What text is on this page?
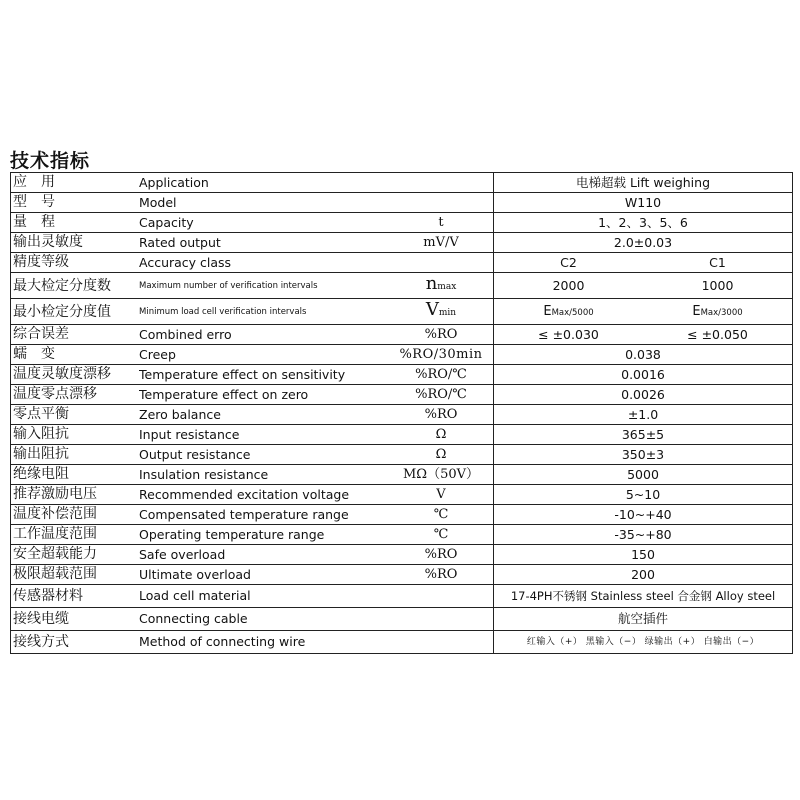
技术指标
应　用	Application		电梯超载 Lift weighing	
型　号	Model		W110	
量　程	Capacity	t	1、2、3、5、6	
输出灵敏度	Rated output	mV/V	2.0±0.03	
精度等级	Accuracy class		C2	C1
最大检定分度数	Maximum number of verification intervals	nmax	2000	1000
最小检定分度值	Minimum load cell verification intervals	Vmin	EMax/5000	EMax/3000
综合误差	Combined erro	%RO	≤ ±0.030	≤ ±0.050
蠕　变	Creep	%RO/30min	0.038	
温度灵敏度漂移	Temperature effect on sensitivity	%RO/℃	0.0016	
温度零点漂移	Temperature effect on zero	%RO/℃	0.0026	
零点平衡	Zero balance	%RO	±1.0	
输入阻抗	Input resistance	Ω	365±5	
输出阻抗	Output resistance	Ω	350±3	
绝缘电阻	Insulation resistance	MΩ（50V）	5000	
推荐激励电压	Recommended excitation voltage	V	5~10	
温度补偿范围	Compensated temperature range	℃	-10~+40	
工作温度范围	Operating temperature range	℃	-35~+80	
安全超载能力	Safe overload	%RO	150	
极限超载范围	Ultimate overload	%RO	200	
传感器材料	Load cell material		17-4PH不锈钢 Stainless steel 合金钢 Alloy steel	
接线电缆	Connecting cable		航空插件	
接线方式	Method of connecting wire		红输入（+） 黑输入（−） 绿输出（+） 白输出（−）	
